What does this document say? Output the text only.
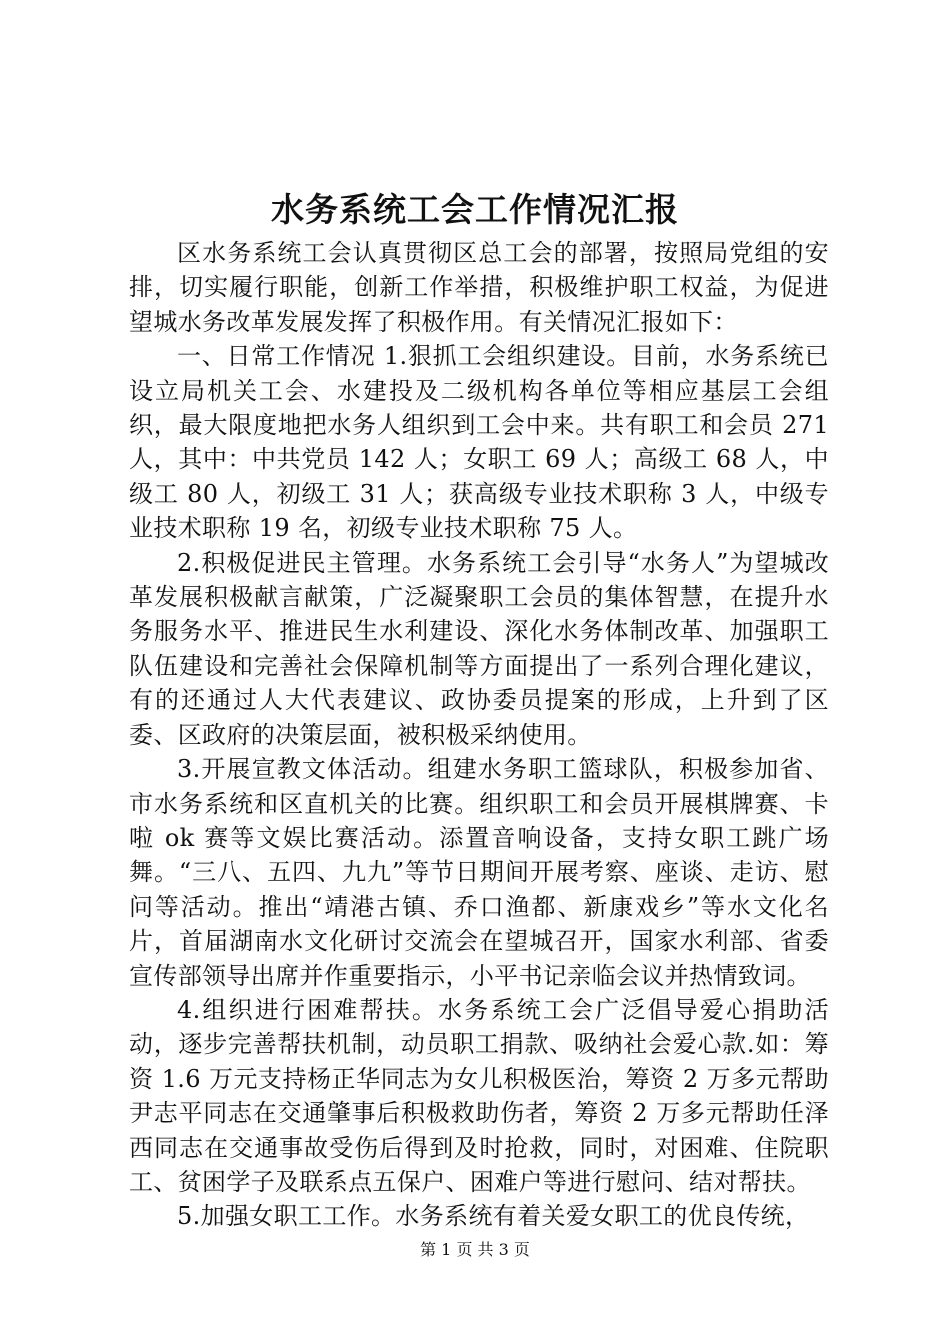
水务系统工会工作情况汇报

区水务系统工会认真贯彻区总工会的部署，按照局党组的安排，切实履行职能，创新工作举措，积极维护职工权益，为促进望城水务改革发展发挥了积极作用。有关情况汇报如下：

一、日常工作情况 1.狠抓工会组织建设。目前，水务系统已设立局机关工会、水建投及二级机构各单位等相应基层工会组织，最大限度地把水务人组织到工会中来。共有职工和会员 271 人，其中：中共党员 142 人；女职工 69 人；高级工 68 人，中级工 80 人，初级工 31 人；获高级专业技术职称 3 人，中级专业技术职称 19 名，初级专业技术职称 75 人。

2.积极促进民主管理。水务系统工会引导“水务人”为望城改革发展积极献言献策，广泛凝聚职工会员的集体智慧，在提升水务服务水平、推进民生水利建设、深化水务体制改革、加强职工队伍建设和完善社会保障机制等方面提出了一系列合理化建议，有的还通过人大代表建议、政协委员提案的形成，上升到了区委、区政府的决策层面，被积极采纳使用。

3.开展宣教文体活动。组建水务职工篮球队，积极参加省、市水务系统和区直机关的比赛。组织职工和会员开展棋牌赛、卡啦 ok 赛等文娱比赛活动。添置音响设备，支持女职工跳广场舞。“三八、五四、九九”等节日期间开展考察、座谈、走访、慰问等活动。推出“靖港古镇、乔口渔都、新康戏乡”等水文化名片，首届湖南水文化研讨交流会在望城召开，国家水利部、省委宣传部领导出席并作重要指示，小平书记亲临会议并热情致词。

4.组织进行困难帮扶。水务系统工会广泛倡导爱心捐助活动，逐步完善帮扶机制，动员职工捐款、吸纳社会爱心款.如：筹资 1.6 万元支持杨正华同志为女儿积极医治，筹资 2 万多元帮助尹志平同志在交通肇事后积极救助伤者，筹资 2 万多元帮助任泽西同志在交通事故受伤后得到及时抢救，同时，对困难、住院职工、贫困学子及联系点五保户、困难户等进行慰问、结对帮扶。

5.加强女职工工作。水务系统有着关爱女职工的优良传统，

第 1 页 共 3 页
